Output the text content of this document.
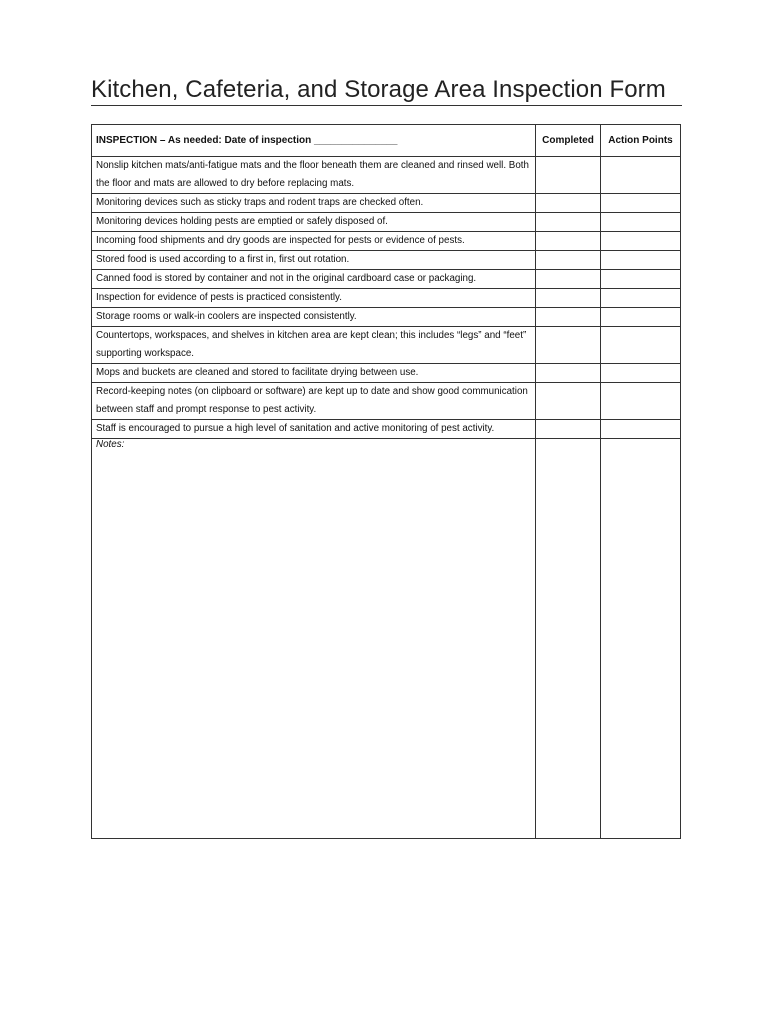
Kitchen, Cafeteria, and Storage Area Inspection Form
INSPECTION – As needed: Date of inspection _______________	Completed	Action Points
Nonslip kitchen mats/anti-fatigue mats and the floor beneath them are cleaned and rinsed well. Both the floor and mats are allowed to dry before replacing mats.		
Monitoring devices such as sticky traps and rodent traps are checked often.		
Monitoring devices holding pests are emptied or safely disposed of.		
Incoming food shipments and dry goods are inspected for pests or evidence of pests.		
Stored food is used according to a first in, first out rotation.		
Canned food is stored by container and not in the original cardboard case or packaging.		
Inspection for evidence of pests is practiced consistently.		
Storage rooms or walk-in coolers are inspected consistently.		
Countertops, workspaces, and shelves in kitchen area are kept clean; this includes “legs” and “feet” supporting workspace.		
Mops and buckets are cleaned and stored to facilitate drying between use.		
Record-keeping notes (on clipboard or software) are kept up to date and show good communication between staff and prompt response to pest activity.		
Staff is encouraged to pursue a high level of sanitation and active monitoring of pest activity.		
Notes:		
